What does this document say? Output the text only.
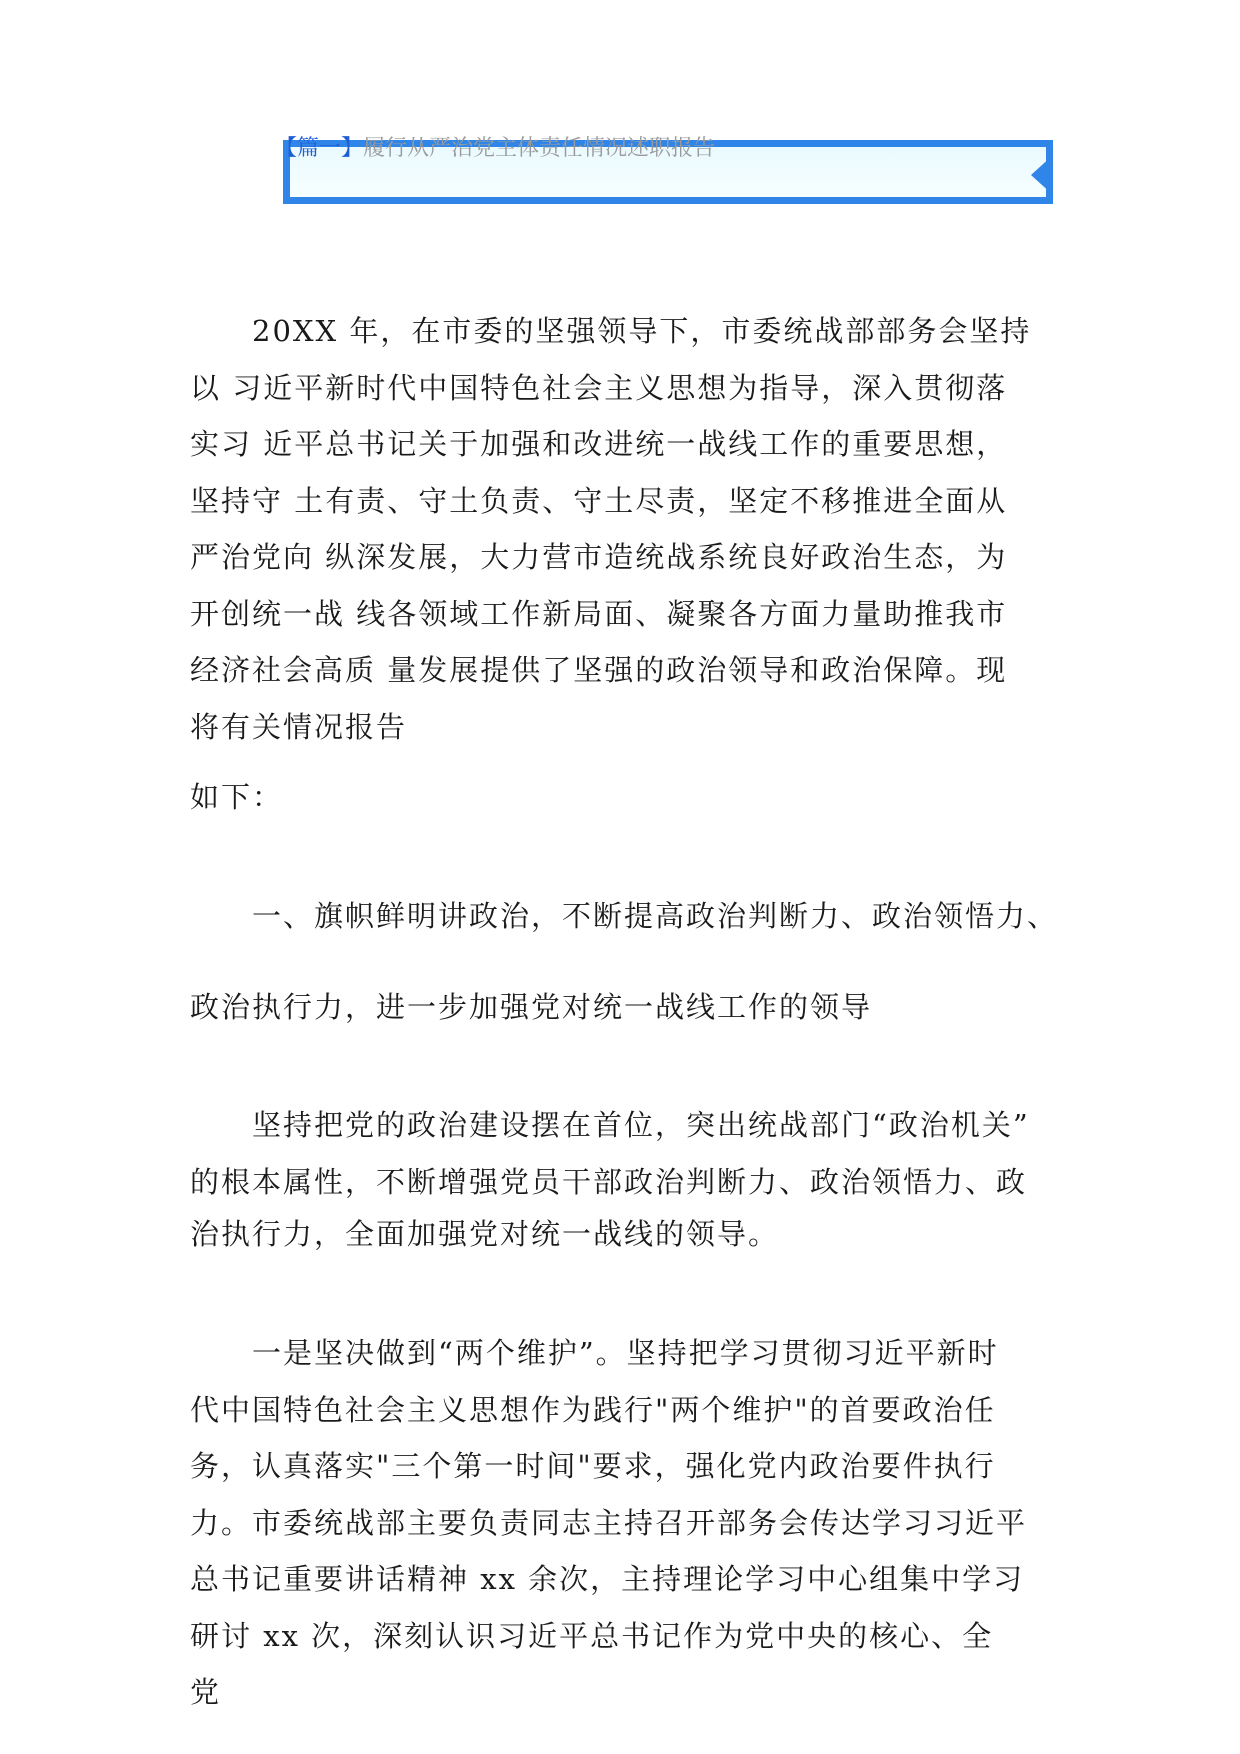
【篇一】履行从严治党主体责任情况述职报告

20XX 年，在市委的坚强领导下，市委统战部部务会坚持

以 习近平新时代中国特色社会主义思想为指导，深入贯彻落

实习 近平总书记关于加强和改进统一战线工作的重要思想，

坚持守 土有责、守土负责、守土尽责，坚定不移推进全面从

严治党向 纵深发展，大力营市造统战系统良好政治生态，为

开创统一战 线各领域工作新局面、凝聚各方面力量助推我市

经济社会高质 量发展提供了坚强的政治领导和政治保障。现

将有关情况报告

如下：

一、旗帜鲜明讲政治，不断提高政治判断力、政治领悟力、

政治执行力，进一步加强党对统一战线工作的领导

坚持把党的政治建设摆在首位，突出统战部门“政治机关”

的根本属性，不断增强党员干部政治判断力、政治领悟力、政

治执行力，全面加强党对统一战线的领导。

一是坚决做到“两个维护”。坚持把学习贯彻习近平新时

代中国特色社会主义思想作为践行"两个维护"的首要政治任

务，认真落实"三个第一时间"要求，强化党内政治要件执行

力。市委统战部主要负责同志主持召开部务会传达学习习近平

总书记重要讲话精神 xx 余次，主持理论学习中心组集中学习

研讨 xx 次，深刻认识习近平总书记作为党中央的核心、全

党
